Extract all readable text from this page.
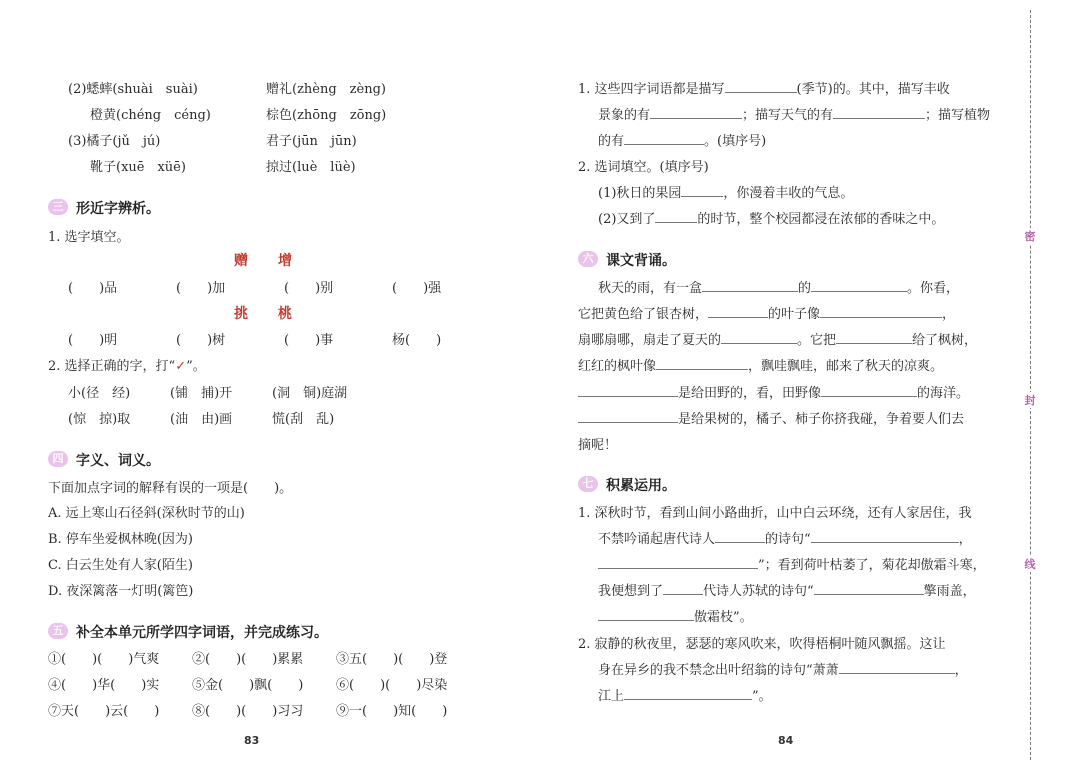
(2)蟋蟀(shuài　suài)	赠礼(zhèng　zèng)
橙黄(chéng　céng)	棕色(zhōng　zōng)
(3)橘子(jǔ　jú)	君子(jūn　jūn)
靴子(xuē　xüē)	掠过(luè　lüè)
三 形近字辨析。
1. 选字填空。
赠 增
(　　)品	(　　)加	(　　)别	(　　)强
挑 桃
(　　)明	(　　)树	(　　)事	杨(　　)
2. 选择正确的字，打“✓”。
小(径　经)	(铺　捕)开	(洞　铜)庭湖
(惊　掠)取	(油　由)画	慌(刮　乱)
四 字义、词义。
下面加点字词的解释有误的一项是(　　)。
A. 远上寒山石径斜(深秋时节的山)
B. 停车坐爱枫林晚(因为)
C. 白云生处有人家(陌生)
D. 夜深篱落一灯明(篱笆)
五 补全本单元所学四字词语，并完成练习。
①(　　)(　　)气爽	②(　　)(　　)累累	③五(　　)(　　)登
④(　　)华(　　)实	⑤金(　　)飘(　　)	⑥(　　)(　　)尽染
⑦天(　　)云(　　)	⑧(　　)(　　)习习	⑨一(　　)知(　　)
83
1. 这些四字词语都是描写	(季节)的。其中，描写丰收
景象的有	；描写天气的有	；描写植物
的有	。(填序号)
2. 选词填空。(填序号)
(1)秋日的果园	，你漫着丰收的气息。
(2)又到了	的时节，整个校园都浸在浓郁的香味之中。
六 课文背诵。
秋天的雨，有一盒	的	。你看，
它把黄色给了银杏树，	的叶子像	，
扇哪扇哪，扇走了夏天的	。它把	给了枫树，
红红的枫叶像	，飘哇飘哇，邮来了秋天的凉爽。
是给田野的，看，田野像	的海洋。
是给果树的，橘子、柿子你挤我碰，争着要人们去
摘呢！
七 积累运用。
1. 深秋时节，看到山间小路曲折，山中白云环绕，还有人家居住，我
不禁吟诵起唐代诗人	的诗句“	，
”；看到荷叶枯萎了，菊花却傲霜斗寒，
我便想到了	代诗人苏轼的诗句“	擎雨盖，
傲霜枝”。
2. 寂静的秋夜里，瑟瑟的寒风吹来，吹得梧桐叶随风飘摇。这让
身在异乡的我不禁念出叶绍翁的诗句“萧萧	，
江上	”。
84
密
封
线
